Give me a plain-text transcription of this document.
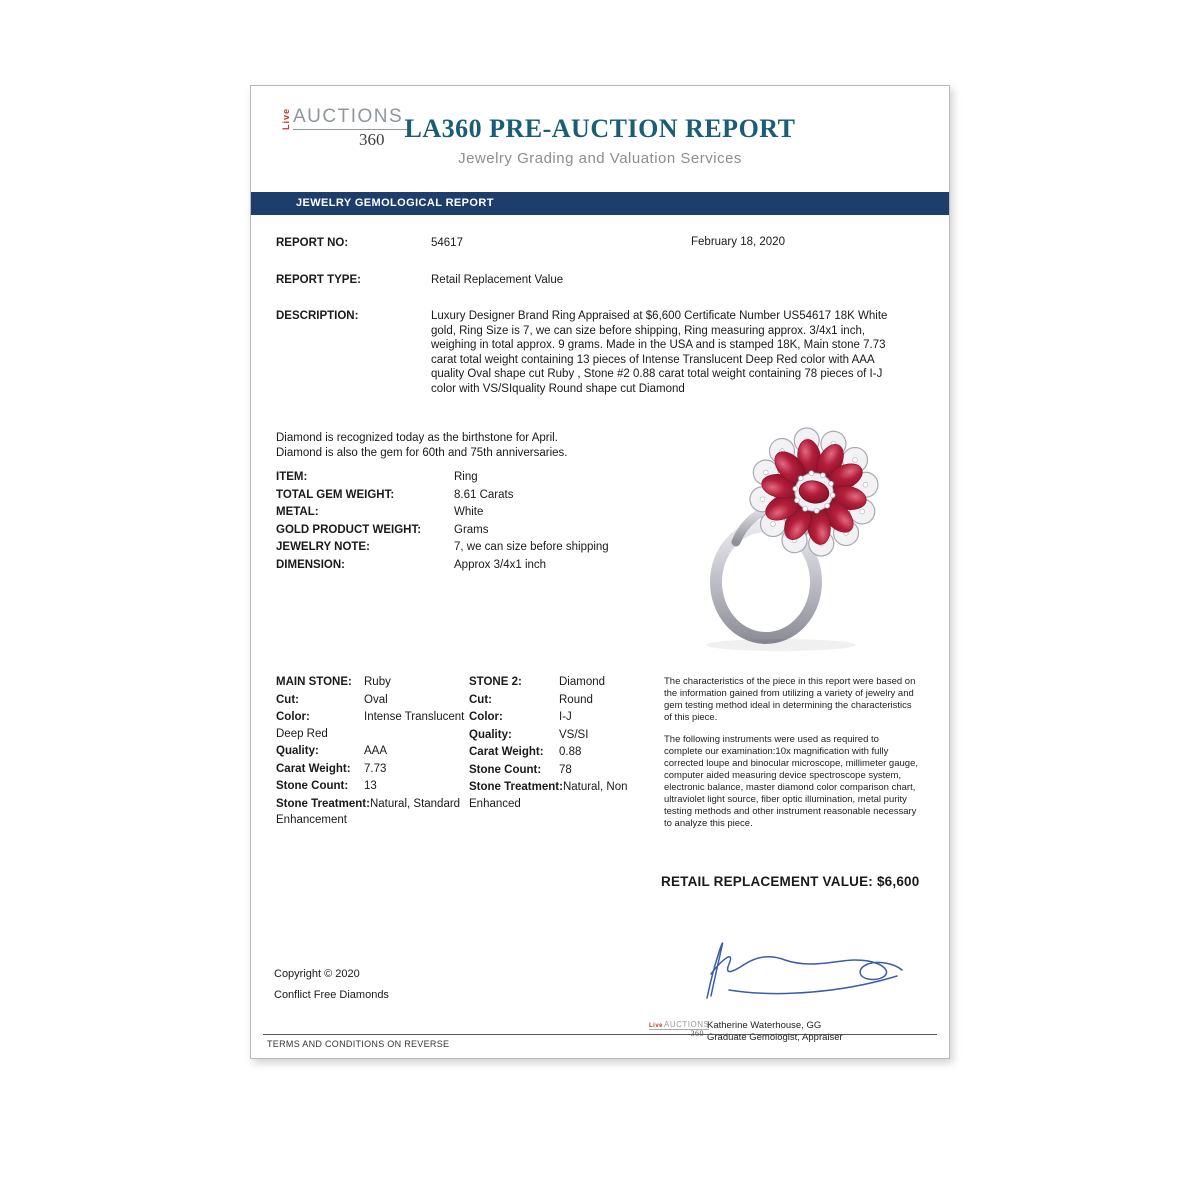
Live AUCTIONS
360 LA360 PRE-AUCTION REPORT
Jewelry Grading and Valuation Services
JEWELRY GEMOLOGICAL REPORT
REPORT NO:	54617	February 18, 2020
REPORT TYPE:	Retail Replacement Value
DESCRIPTION:	Luxury Designer Brand Ring Appraised at $6,600 Certificate Number US54617 18K White gold, Ring Size is 7, we can size before shipping, Ring measuring approx. 3/4x1 inch, weighing in total approx. 9 grams. Made in the USA and is stamped 18K, Main stone 7.73 carat total weight containing 13 pieces of Intense Translucent Deep Red color with AAA quality Oval shape cut Ruby , Stone #2 0.88 carat total weight containing 78 pieces of I-J color with VS/SIquality Round shape cut Diamond
Diamond is recognized today as the birthstone for April.
Diamond is also the gem for 60th and 75th anniversaries.
ITEM:	Ring
TOTAL GEM WEIGHT:	8.61 Carats
METAL:	White
GOLD PRODUCT WEIGHT:	Grams
JEWELRY NOTE:	7, we can size before shipping
DIMENSION:	Approx 3/4x1 inch
MAIN STONE: Ruby
Cut:	Oval
Color:	Intense Translucent Deep Red
Quality:	AAA
Carat Weight: 7.73
Stone Count: 13
Stone Treatment:Natural, Standard Enhancement
STONE 2:	Diamond
Cut:	Round
Color:	I-J
Quality:	VS/SI
Carat Weight: 0.88
Stone Count: 78
Stone Treatment:Natural, Non Enhanced

The characteristics of the piece in this report were based on the information gained from utilizing a variety of jewelry and gem testing method ideal in determining the characteristics of this piece.

The following instruments were used as required to complete our examination:10x magnification with fully corrected loupe and binocular microscope, millimeter gauge, computer aided measuring device spectroscope system, electronic balance, master diamond color comparison chart, ultraviolet light source, fiber optic illumination, metal purity testing methods and other instrument reasonable necessary to analyze this piece.

RETAIL REPLACEMENT VALUE: $6,600
Copyright © 2020
Conflict Free Diamonds
LiveAUCTIONS
360
Katherine Waterhouse, GG
Graduate Gemologist, Appraiser
TERMS AND CONDITIONS ON REVERSE
